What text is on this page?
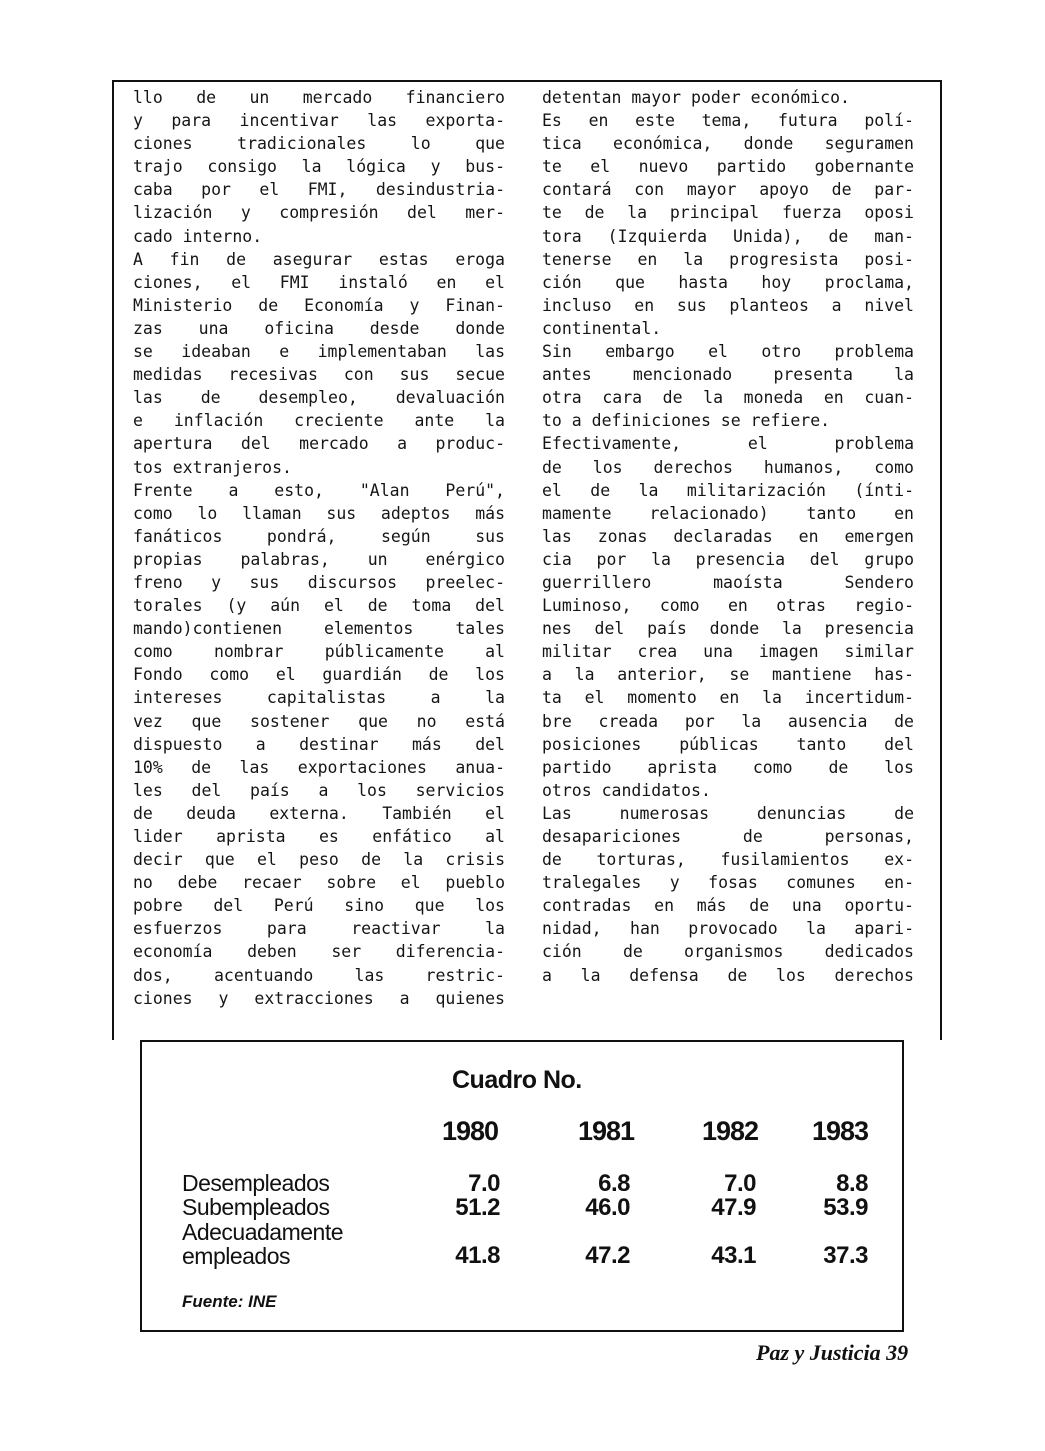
llo de un mercado financiero
y para incentivar las exporta-
ciones tradicionales lo que
trajo consigo la lógica y bus-
caba por el FMI, desindustria-
lización y compresión del mer-
cado interno.
A fin de asegurar estas eroga
ciones, el FMI instaló en el
Ministerio de Economía y Finan-
zas una oficina desde donde
se ideaban e implementaban las
medidas recesivas con sus secue
las de desempleo, devaluación
e inflación creciente ante la
apertura del mercado a produc-
tos extranjeros.
Frente a esto, "Alan Perú",
como lo llaman sus adeptos más
fanáticos pondrá, según sus
propias palabras, un enérgico
freno y sus discursos preelec-
torales (y aún el de toma del
mando)contienen elementos tales
como nombrar públicamente al
Fondo como el guardián de los
intereses capitalistas a la
vez que sostener que no está
dispuesto a destinar más del
10% de las exportaciones anua-
les del país a los servicios
de deuda externa. También el
lider aprista es enfático al
decir que el peso de la crisis
no debe recaer sobre el pueblo
pobre del Perú sino que los
esfuerzos para reactivar la
economía deben ser diferencia-
dos, acentuando las restric-
ciones y extracciones a quienes
detentan mayor poder económico.
Es en este tema, futura polí-
tica económica, donde seguramen
te el nuevo partido gobernante
contará con mayor apoyo de par-
te de la principal fuerza oposi
tora (Izquierda Unida), de man-
tenerse en la progresista posi-
ción que hasta hoy proclama,
incluso en sus planteos a nivel
continental.
Sin embargo el otro problema
antes mencionado presenta la
otra cara de la moneda en cuan-
to a definiciones se refiere.
Efectivamente, el problema
de los derechos humanos, como
el de la militarización (ínti-
mamente relacionado) tanto en
las zonas declaradas en emergen
cia por la presencia del grupo
guerrillero maoísta Sendero
Luminoso, como en otras regio-
nes del país donde la presencia
militar crea una imagen similar
a la anterior, se mantiene has-
ta el momento en la incertidum-
bre creada por la ausencia de
posiciones públicas tanto del
partido aprista como de los
otros candidatos.
Las numerosas denuncias de
desapariciones de personas,
de torturas, fusilamientos ex-
tralegales y fosas comunes en-
contradas en más de una oportu-
nidad, han provocado la apari-
ción de organismos dedicados
a la defensa de los derechos
Cuadro No.
1980	1981	1982 1983
Desempleados	7.0	6.8	7.0	8.8
Subempleados	51.2	46.0	47.9	53.9
Adecuadamente
empleados	41.8	47.2	43.1	37.3
Fuente: INE
Paz y Justicia 39
